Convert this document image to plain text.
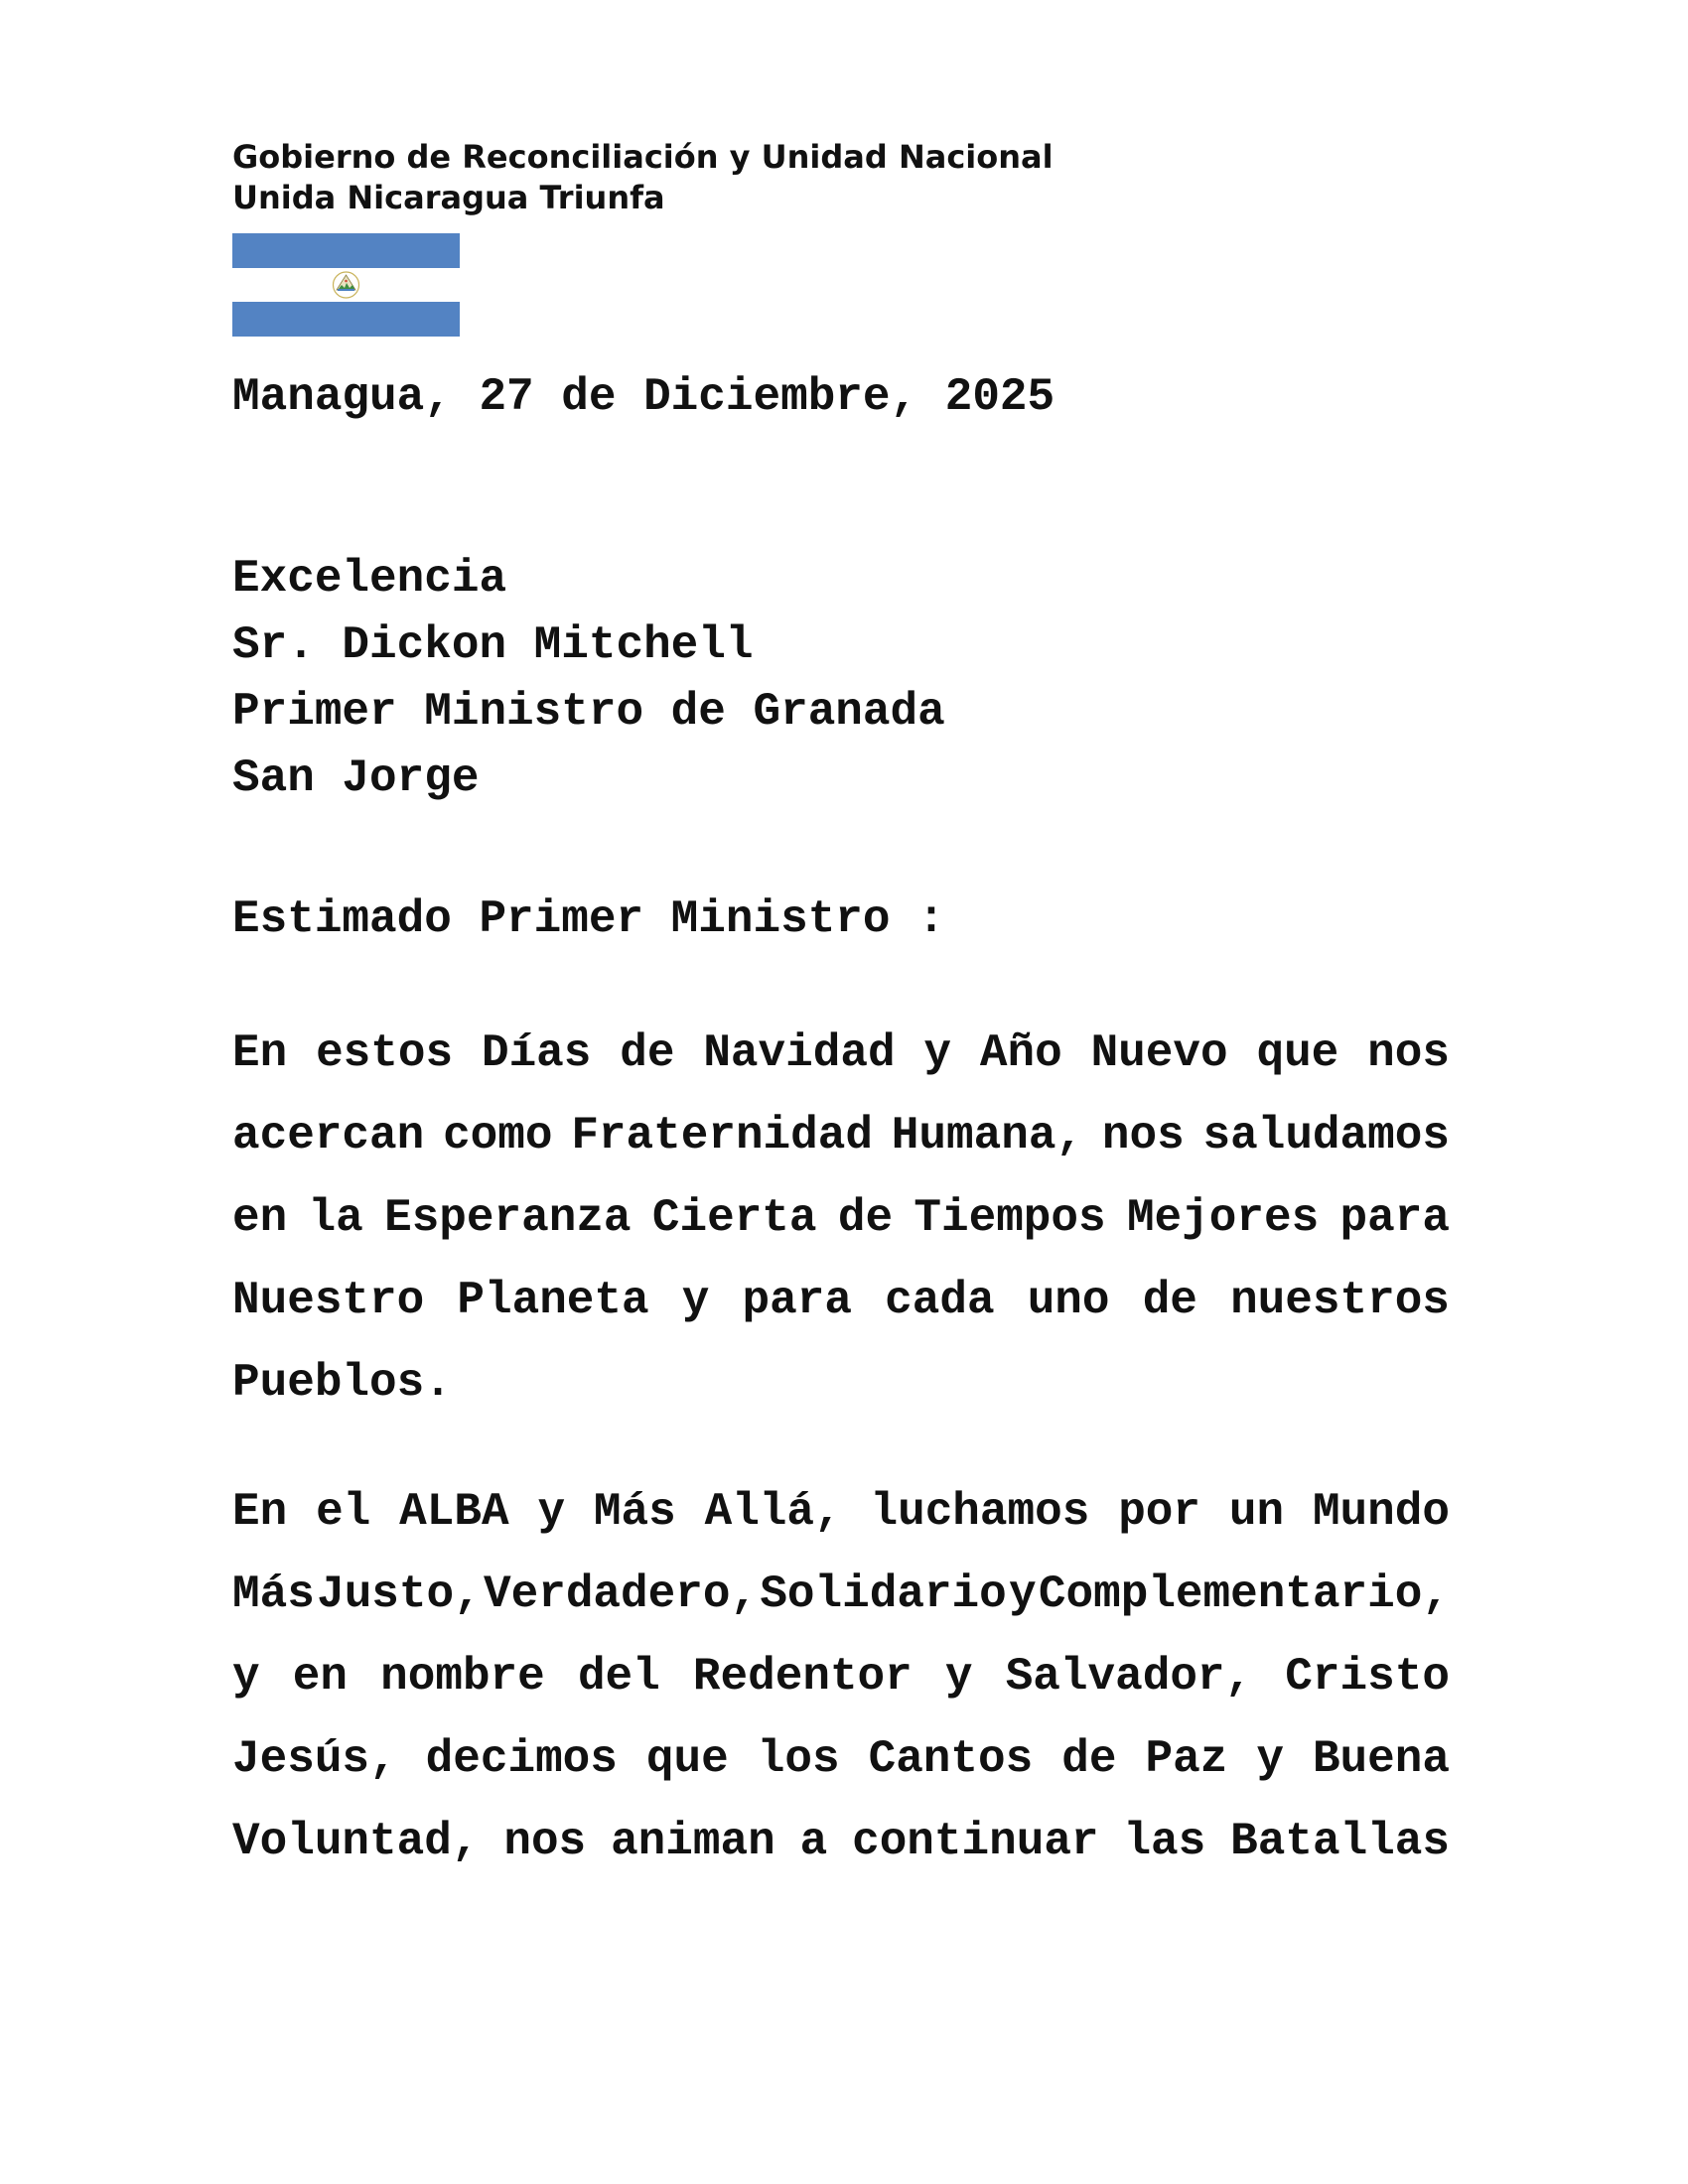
Gobierno de Reconciliación y Unidad Nacional
Unida Nicaragua Triunfa
Managua, 27 de Diciembre, 2025
Excelencia
Sr. Dickon Mitchell
Primer Ministro de Granada
San Jorge
Estimado Primer Ministro :
En estos Días de Navidad y Año Nuevo que nos
acercan como Fraternidad Humana, nos saludamos
en la Esperanza Cierta de Tiempos Mejores para
Nuestro Planeta y para cada uno de nuestros
Pueblos.
En el ALBA y Más Allá, luchamos por un Mundo
Más Justo, Verdadero, Solidario y Complementario,
y en nombre del Redentor y Salvador, Cristo
Jesús, decimos que los Cantos de Paz y Buena
Voluntad, nos animan a continuar las Batallas
